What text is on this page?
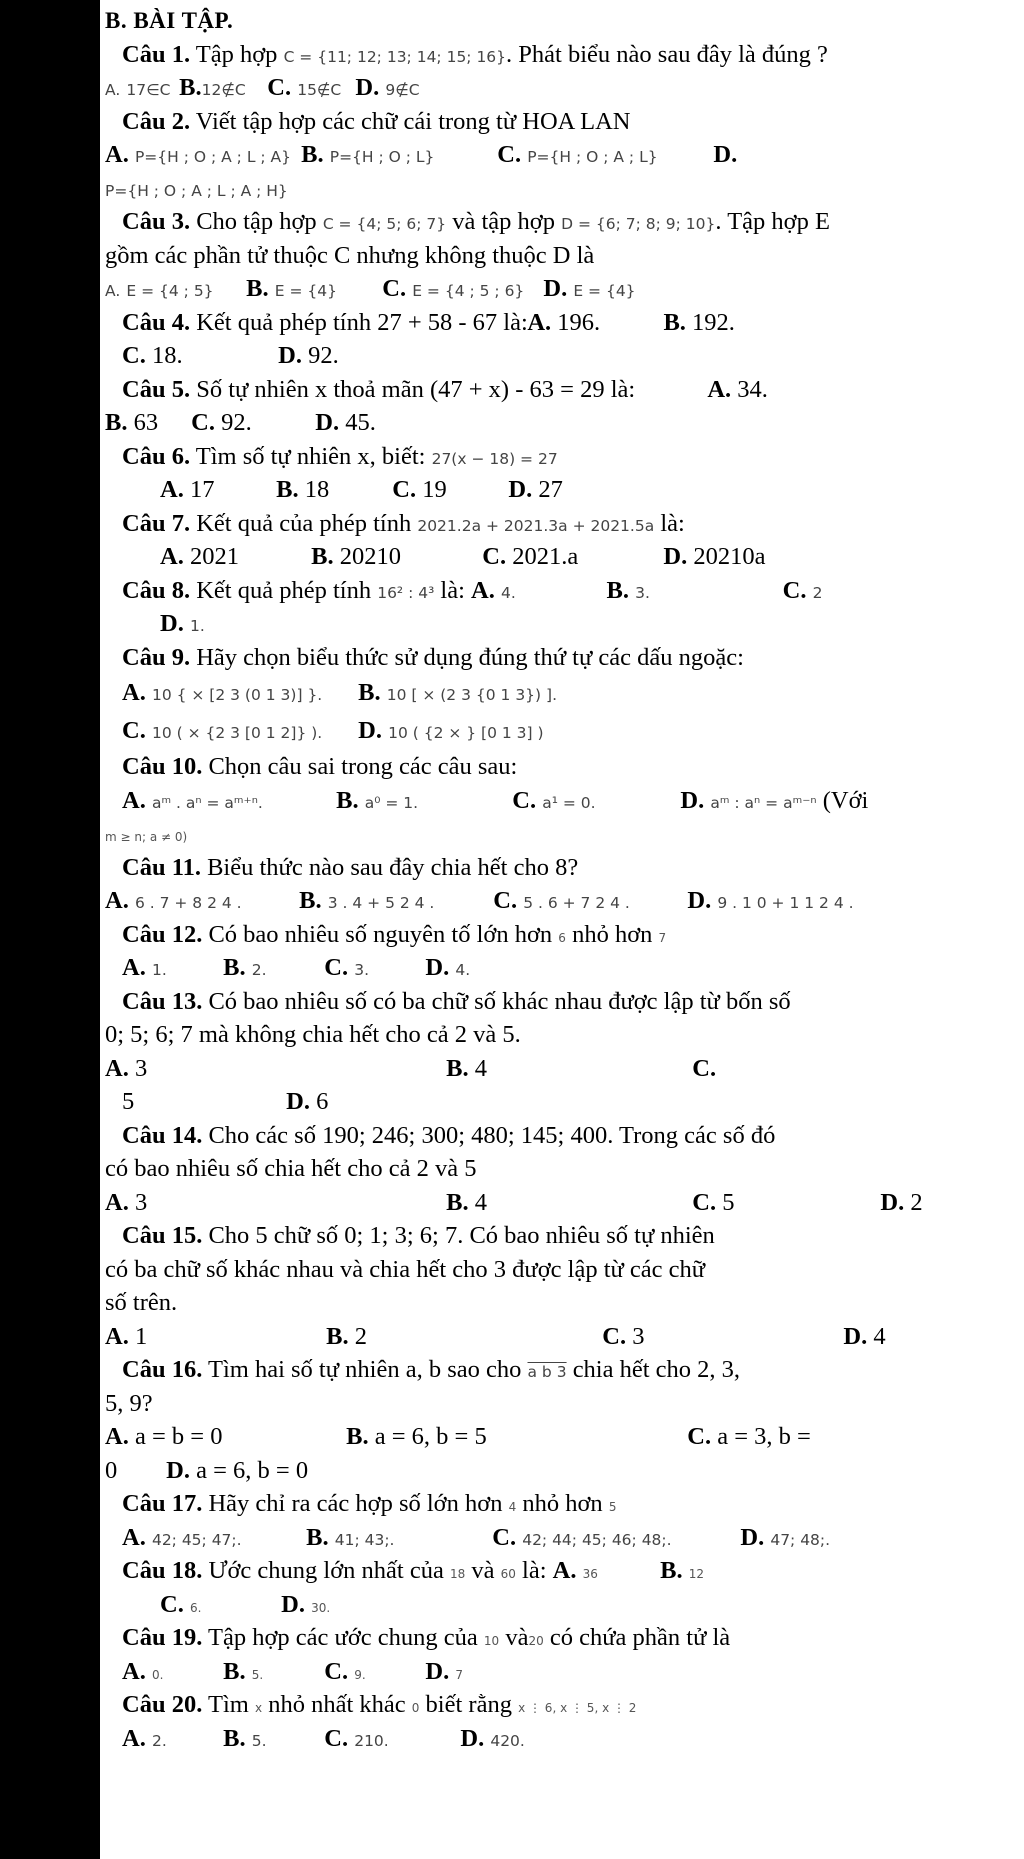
B. BÀI TẬP.
Câu 1. Tập hợp C = {11; 12; 13; 14; 15; 16}. Phát biểu nào sau đây là đúng ?
A. 17∈C B.12∉C C. 15∉C D. 9∉C
Câu 2. Viết tập hợp các chữ cái trong từ HOA LAN
A. P={H ; O ; A ; L ; A} B. P={H ; O ; L}	C. P={H ; O ; A ; L} D.
P={H ; O ; A ; L ; A ; H}
Câu 3. Cho tập hợp C = {4; 5; 6; 7} và tập hợp D = {6; 7; 8; 9; 10}. Tập hợp E
gồm các phần tử thuộc C nhưng không thuộc D là
A. E = {4 ; 5} B. E = {4} C. E = {4 ; 5 ; 6} D. E = {4}
Câu 4. Kết quả phép tính 27 + 58 - 67 là: A. 196.	B. 192.
C. 18.	D. 92.
Câu 5. Số tự nhiên x thoả mãn (47 + x) - 63 = 29 là:	A. 34.
B. 63 C. 92.	D. 45.
Câu 6. Tìm số tự nhiên x, biết: 27(x − 18) = 27
A. 17	B. 18	C. 19	D. 27
Câu 7. Kết quả của phép tính 2021.2a + 2021.3a + 2021.5a là:
A. 2021	B. 20210	C. 2021.a	D. 20210a
Câu 8. Kết quả phép tính 16² : 4³ là: A. 4.	B. 3.	C. 2
D. 1.
Câu 9. Hãy chọn biểu thức sử dụng đúng thứ tự các dấu ngoặc:
A. 10 { × [2 3 (0 1 3)] }. B. 10 [ × (2 3 {0 1 3}) ].
C. 10 ( × {2 3 [0 1 2]} ). D. 10 ( {2 × } [0 1 3] )
Câu 10. Chọn câu sai trong các câu sau:
A. aᵐ . aⁿ = aᵐ⁺ⁿ.	B. a⁰ = 1.	C. a¹ = 0.	D. aᵐ : aⁿ = aᵐ⁻ⁿ (Với
m ≥ n; a ≠ 0)
Câu 11. Biểu thức nào sau đây chia hết cho 8?
A. 6 . 7 + 8 2 4 . B. 3 . 4 + 5 2 4 . C. 5 . 6 + 7 2 4 . D. 9 . 1 0 + 1 1 2 4 .
Câu 12. Có bao nhiêu số nguyên tố lớn hơn 6 nhỏ hơn 7
A. 1. B. 2. C. 3. D. 4.
Câu 13. Có bao nhiêu số có ba chữ số khác nhau được lập từ bốn số
0; 5; 6; 7 mà không chia hết cho cả 2 và 5.
A. 3	B. 4	C.
5	D. 6
Câu 14. Cho các số 190; 246; 300; 480; 145; 400. Trong các số đó
có bao nhiêu số chia hết cho cả 2 và 5
A. 3	B. 4	C. 5	D. 2
Câu 15. Cho 5 chữ số 0; 1; 3; 6; 7. Có bao nhiêu số tự nhiên
có ba chữ số khác nhau và chia hết cho 3 được lập từ các chữ
số trên.
A. 1	B. 2	C. 3	D. 4
Câu 16. Tìm hai số tự nhiên a, b sao cho a b 3 chia hết cho 2, 3,
5, 9?
A. a = b = 0	B. a = 6, b = 5	C. a = 3, b =
0 D. a = 6, b = 0
Câu 17. Hãy chỉ ra các hợp số lớn hơn 4 nhỏ hơn 5
A. 42; 45; 47;.	B. 41; 43;.	C. 42; 44; 45; 46; 48;.	D. 47; 48;.
Câu 18. Ước chung lớn nhất của 18 và 60 là: A. 36	B. 12
C. 6.	D. 30.
Câu 19. Tập hợp các ước chung của 10 và20 có chứa phần tử là
A. 0. B. 5. C. 9. D. 7
Câu 20. Tìm x nhỏ nhất khác 0 biết rằng x ⋮ 6, x ⋮ 5, x ⋮ 2
A. 2. B. 5. C. 210.	D. 420.
